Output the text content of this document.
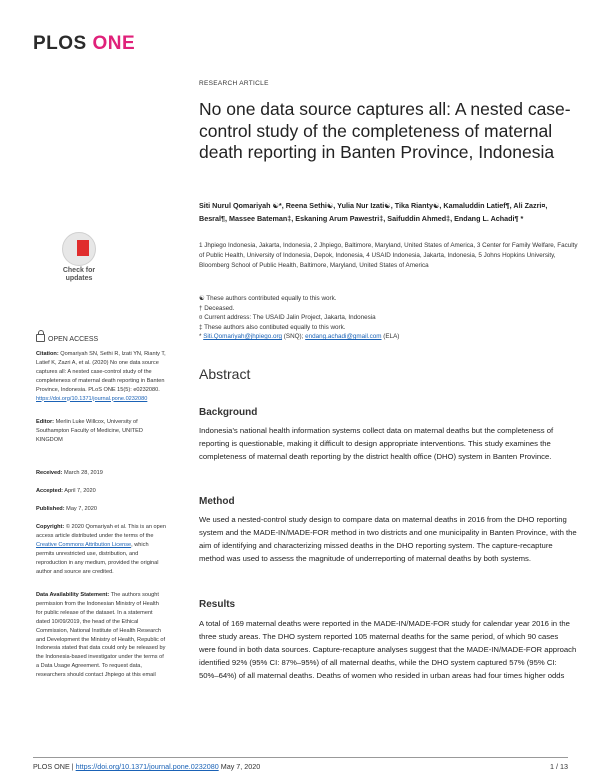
PLOS ONE
RESEARCH ARTICLE
No one data source captures all: A nested case-control study of the completeness of maternal death reporting in Banten Province, Indonesia
Siti Nurul Qomariyah ☯*, Reena Sethi☯, Yulia Nur Izati☯, Tika Rianty☯, Kamaluddin Latief¶, Ali Zazri¤, Besral¶, Massee Bateman‡, Eskaning Arum Pawestri‡, Saifuddin Ahmed‡, Endang L. Achadi¶ *
1 Jhpiego Indonesia, Jakarta, Indonesia, 2 Jhpiego, Baltimore, Maryland, United States of America, 3 Center for Family Welfare, Faculty of Public Health, University of Indonesia, Depok, Indonesia, 4 USAID Indonesia, Jakarta, Indonesia, 5 Johns Hopkins University, Bloomberg School of Public Health, Baltimore, Maryland, United States of America
☯ These authors contributed equally to this work.
† Deceased.
¤ Current address: The USAID Jalin Project, Jakarta, Indonesia
‡ These authors also contibuted equally to this work.
* Siti.Qomariyah@jhpiego.org (SNQ); endang.achadi@gmail.com (ELA)
Check for
updates
OPEN ACCESS
Citation: Qomariyah SN, Sethi R, Izati YN, Rianty T, Latief K, Zazri A, et al. (2020) No one data source captures all: A nested case-control study of the completeness of maternal death reporting in Banten Province, Indonesia. PLoS ONE 15(5): e0232080. https://doi.org/10.1371/journal.pone.0232080
Editor: Merlin Luke Willcox, University of Southampton Faculty of Medicine, UNITED KINGDOM
Received: March 28, 2019
Accepted: April 7, 2020
Published: May 7, 2020
Copyright: © 2020 Qomariyah et al. This is an open access article distributed under the terms of the Creative Commons Attribution License, which permits unrestricted use, distribution, and reproduction in any medium, provided the original author and source are credited.
Data Availability Statement: The authors sought permission from the Indonesian Ministry of Health for public release of the dataset. In a statement dated 10/09/2019, the head of the Ethical Commission, National Institute of Health Research and Development the Ministry of Health, Republic of Indonesia stated that data could only be released by the Indonesia-based investigator under the terms of a Data Usage Agreement. To request data, researchers should contact Jhpiego at this email
Abstract
Background
Indonesia’s national health information systems collect data on maternal deaths but the completeness of reporting is questionable, making it difficult to design appropriate interventions. This study examines the completeness of maternal death reporting by the district health office (DHO) system in Banten Province.
Method
We used a nested-control study design to compare data on maternal deaths in 2016 from the DHO reporting system and the MADE-IN/MADE-FOR method in two districts and one municipality in Banten Province, with the aim of identifying and characterizing missed deaths in the DHO reporting system. The capture-recapture method was used to assess the magnitude of underreporting of maternal deaths by both systems.
Results
A total of 169 maternal deaths were reported in the MADE-IN/MADE-FOR study for calendar year 2016 in the three study areas. The DHO system reported 105 maternal deaths for the same period, of which 90 cases were found in both data sources. Capture-recapture analyses suggest that the MADE-IN/MADE-FOR approach identified 92% (95% CI: 87%–95%) of all maternal deaths, while the DHO system captured 57% (95% CI: 50%–64%) of all maternal deaths. Deaths of women who resided in urban areas had four times higher odds
PLOS ONE | https://doi.org/10.1371/journal.pone.0232080 May 7, 2020	1 / 13
